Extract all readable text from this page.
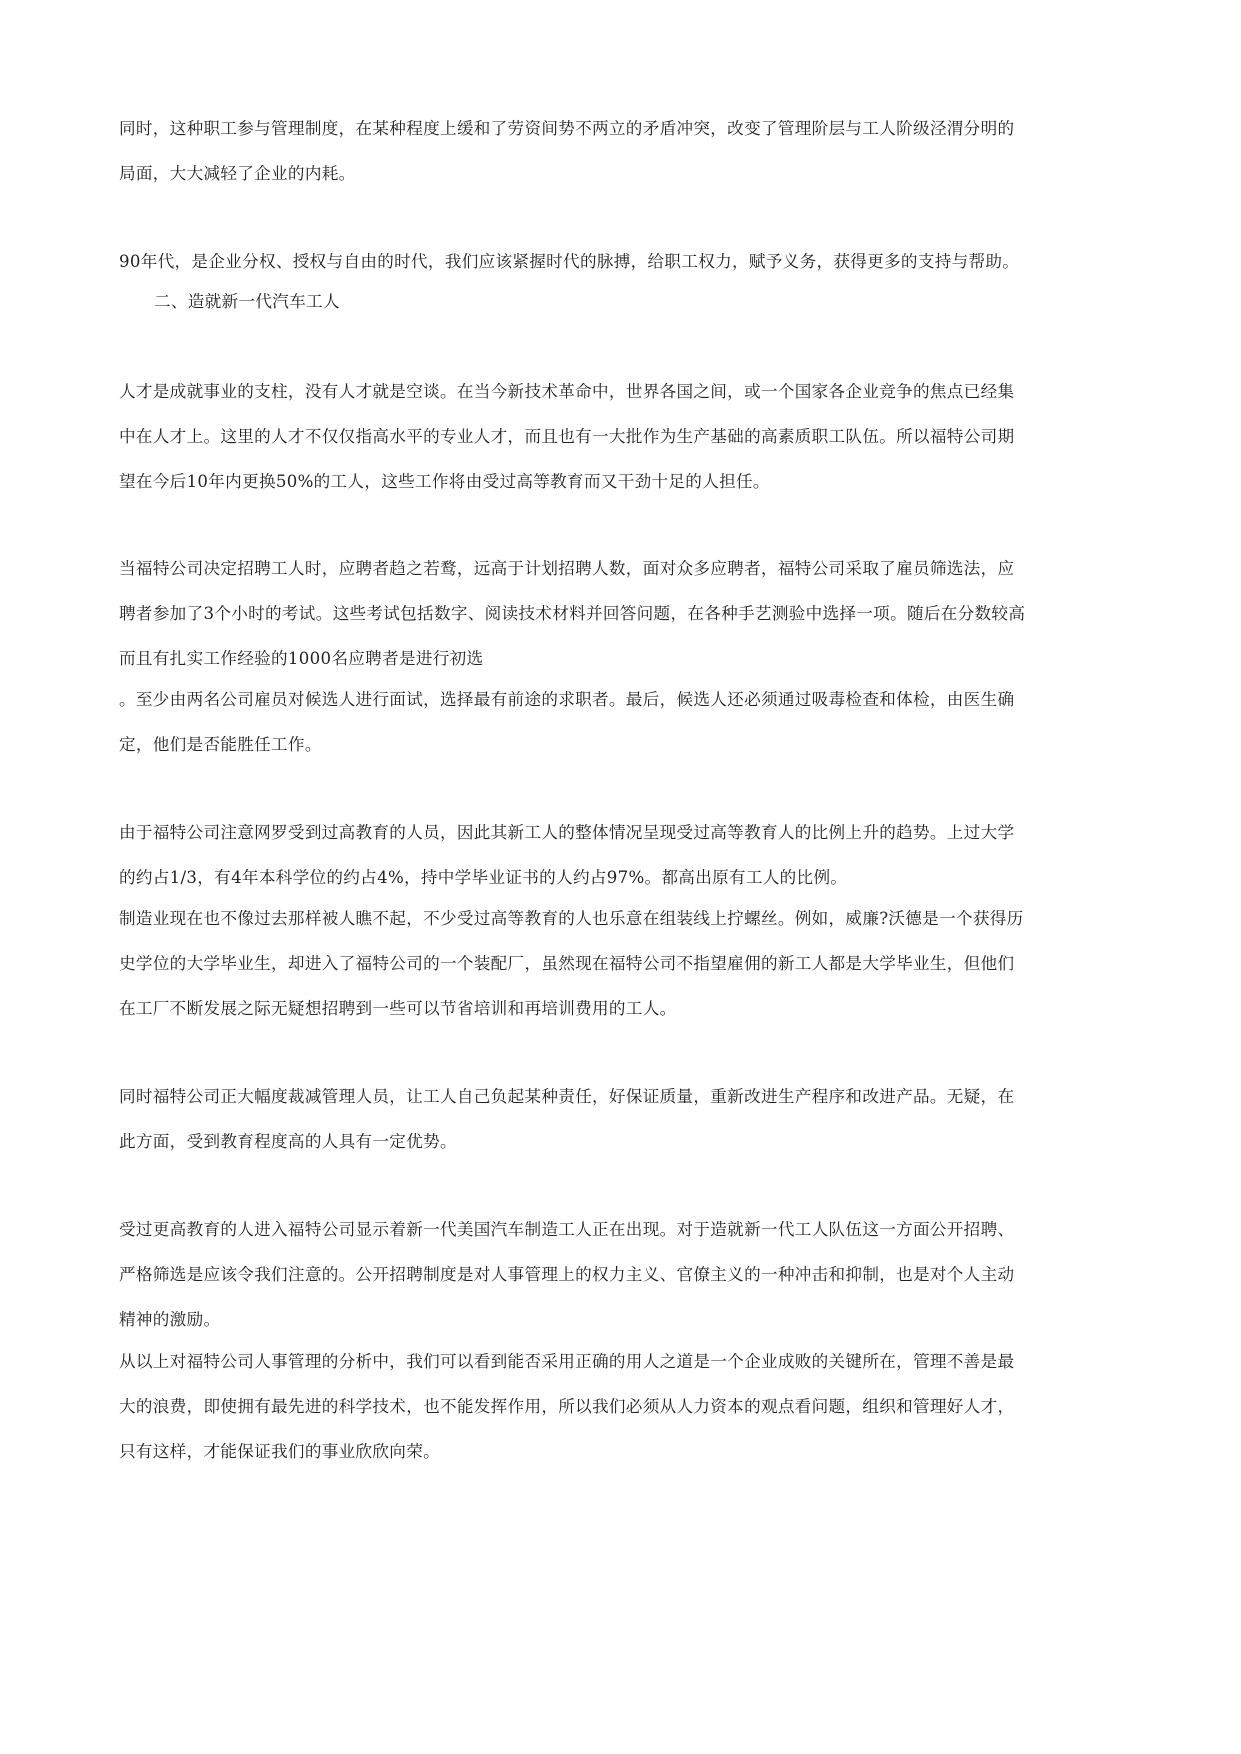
同时，这种职工参与管理制度，在某种程度上缓和了劳资间势不两立的矛盾冲突，改变了管理阶层与工人阶级泾渭分明的
局面，大大减轻了企业的内耗。
90年代，是企业分权、授权与自由的时代，我们应该紧握时代的脉搏，给职工权力，赋予义务，获得更多的支持与帮助。
二、造就新一代汽车工人
人才是成就事业的支柱，没有人才就是空谈。在当今新技术革命中，世界各国之间，或一个国家各企业竞争的焦点已经集
中在人才上。这里的人才不仅仅指高水平的专业人才，而且也有一大批作为生产基础的高素质职工队伍。所以福特公司期
望在今后10年内更换50%的工人，这些工作将由受过高等教育而又干劲十足的人担任。
当福特公司决定招聘工人时，应聘者趋之若鹜，远高于计划招聘人数，面对众多应聘者，福特公司采取了雇员筛选法，应
聘者参加了3个小时的考试。这些考试包括数字、阅读技术材料并回答问题，在各种手艺测验中选择一项。随后在分数较高
而且有扎实工作经验的1000名应聘者是进行初选
。至少由两名公司雇员对候选人进行面试，选择最有前途的求职者。最后，候选人还必须通过吸毒检查和体检，由医生确
定，他们是否能胜任工作。
由于福特公司注意网罗受到过高教育的人员，因此其新工人的整体情况呈现受过高等教育人的比例上升的趋势。上过大学
的约占1/3，有4年本科学位的约占4%，持中学毕业证书的人约占97%。都高出原有工人的比例。
制造业现在也不像过去那样被人瞧不起，不少受过高等教育的人也乐意在组装线上拧螺丝。例如，威廉?沃德是一个获得历
史学位的大学毕业生，却进入了福特公司的一个装配厂，虽然现在福特公司不指望雇佣的新工人都是大学毕业生，但他们
在工厂不断发展之际无疑想招聘到一些可以节省培训和再培训费用的工人。
同时福特公司正大幅度裁减管理人员，让工人自己负起某种责任，好保证质量，重新改进生产程序和改进产品。无疑，在
此方面，受到教育程度高的人具有一定优势。
受过更高教育的人进入福特公司显示着新一代美国汽车制造工人正在出现。对于造就新一代工人队伍这一方面公开招聘、
严格筛选是应该令我们注意的。公开招聘制度是对人事管理上的权力主义、官僚主义的一种冲击和抑制，也是对个人主动
精神的激励。
从以上对福特公司人事管理的分析中，我们可以看到能否采用正确的用人之道是一个企业成败的关键所在，管理不善是最
大的浪费，即使拥有最先进的科学技术，也不能发挥作用，所以我们必须从人力资本的观点看问题，组织和管理好人才，
只有这样，才能保证我们的事业欣欣向荣。
